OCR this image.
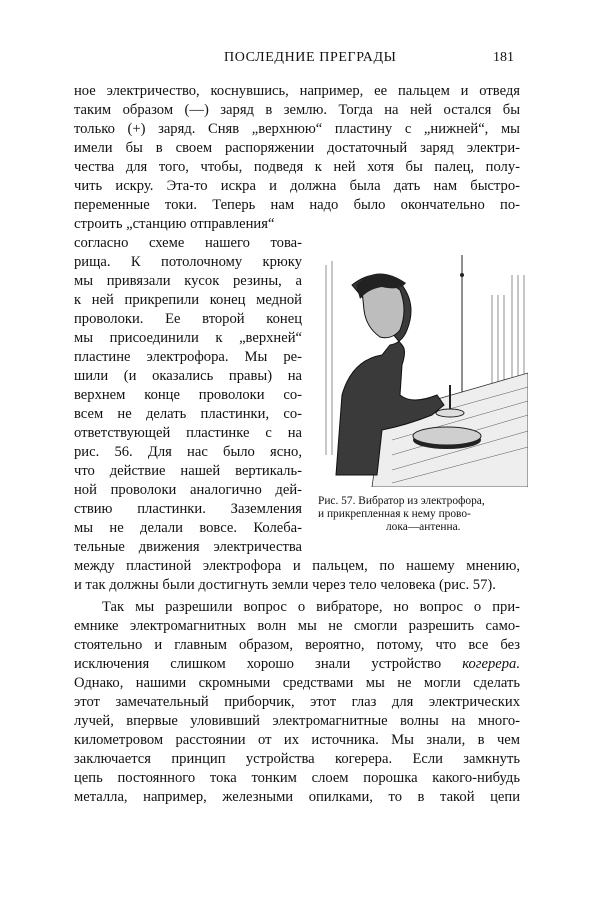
ПОСЛЕДНИЕ ПРЕГРАДЫ	181
ное электричество, коснувшись, например, ее пальцем и отведя
таким образом (—) заряд в землю. Тогда на ней остался бы
только (+) заряд. Сняв „верхнюю“ пластину с „нижней“, мы
имели бы в своем распоряжении достаточный заряд электри-
чества для того, чтобы, подведя к ней хотя бы палец, полу-
чить искру. Эта-то искра и должна была дать нам быстро-
переменные токи. Теперь нам надо было окончательно по-
строить „станцию отправления“
согласно схеме нашего това-
рища. К потолочному крюку
мы привязали кусок резины, а
к ней прикрепили конец медной
проволоки. Ее второй конец
мы присоединили к „верхней“
пластине электрофора. Мы ре-
шили (и оказались правы) на
верхнем конце проволоки со-
всем не делать пластинки, со-
ответствующей пластинке с на
рис. 56. Для нас было ясно,
что действие нашей вертикаль-
ной проволоки аналогично дей-
ствию пластинки. Заземления
мы не делали вовсе. Колеба-
тельные движения электричества
между пластиной электрофора и пальцем, по нашему мнению,
и так должны были достигнуть земли через тело человека (рис. 57).
Так мы разрешили вопрос о вибраторе, но вопрос о при-
емнике электромагнитных волн мы не смогли разрешить само-
стоятельно и главным образом, вероятно, потому, что все без
исключения слишком хорошо знали устройство когерера.
Однако, нашими скромными средствами мы не могли сделать
этот замечательный приборчик, этот глаз для электрических
лучей, впервые уловивший электромагнитные волны на много-
километровом расстоянии от их источника. Мы знали, в чем
заключается принцип устройства когерера. Если замкнуть
цепь постоянного тока тонким слоем порошка какого-нибудь
металла, например, железными опилками, то в такой цепи
Рис. 57. Вибратор из электрофора,
и прикрепленная к нему прово-
лока—антенна.
